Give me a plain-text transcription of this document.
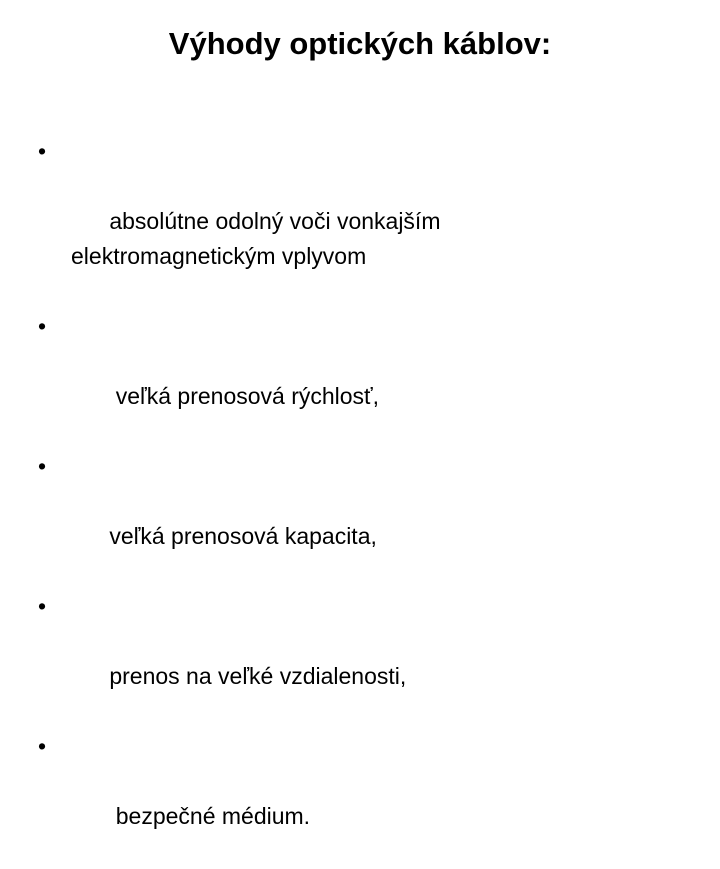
Výhody optických káblov:

•

absolútne odolný voči vonkajším
elektromagnetickým vplyvom

•

veľká prenosová rýchlosť,

•

veľká prenosová kapacita,

•

prenos na veľké vzdialenosti,

•

bezpečné médium.
